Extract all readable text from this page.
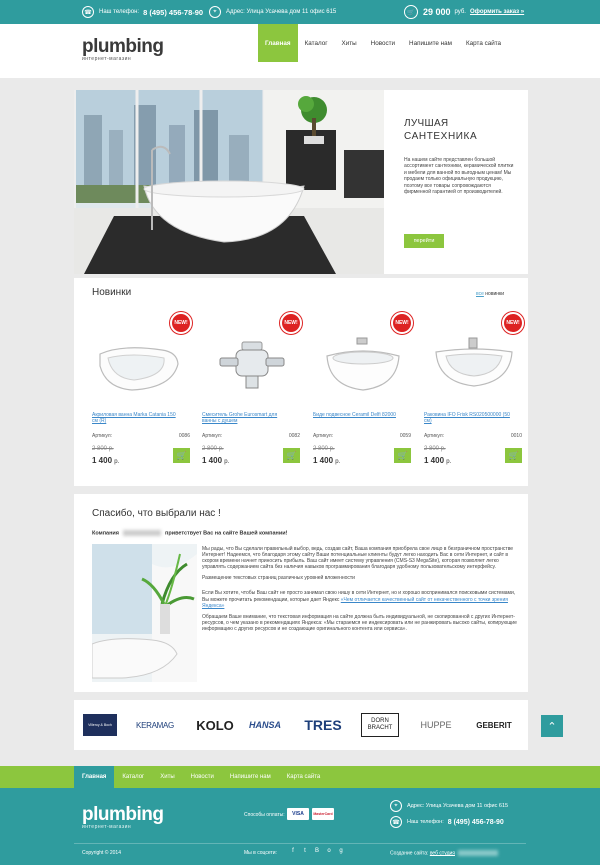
☎	Наш телефон: 8 (495) 456-78-90	⌖	Адрес: Улица Усачева дом 11 офис 615	🛒 29 000 руб. Оформить заказ »
plumbing
интернет-магазин
Главная	Каталог	Хиты	Новости	Напишите нам	Карта сайта
ЛУЧШАЯ
САНТЕХНИКА
На нашем сайте представлен большой ассортимент сантехники, керамической плитки и мебели для ванной по выгодным ценам! Мы продаем только официальную продукцию, поэтому все товары сопровождаются фирменной гарантией от производителей.
перейти
Новинки	все новинки
NEW!
Акриловая ванна Marka Catania 150 см (R)
Артикул:	0086
2 800 р.
1 400 р.
🛒
NEW!
Смеситель Grohe Eurosmart для ванны с душем
Артикул:	0082
2 800 р.
1 400 р.
🛒
NEW!
Биде подвесное Ceramil Delfi 82000
Артикул:	0059
2 800 р.
1 400 р.
🛒
NEW!
Раковина IFO Frisk RS020500000 (50 см)
Артикул:	0010
2 800 р.
1 400 р.
🛒
Спасибо, что выбрали нас !
Компания	приветствует Вас на сайте Вашей компании!

Мы рады, что Вы сделали правильный выбор, ведь, создав сайт, Ваша компания приобрела свое лицо в безграничном пространстве Интернет! Надеемся, что благодаря этому сайту Ваши потенциальные клиенты будут легко находить Вас в сети Интернет, и сайт в скором времени начнет приносить прибыль. Ваш сайт имеет систему управления (CMS-S3 MegaSite), которая позволяет легко управлять содержанием сайта без наличия навыков программирования благодаря удобному пользовательскому интерфейсу.

Размещение текстовых страниц различных уровней вложенности

Если Вы хотите, чтобы Ваш сайт не просто занимал свою нишу в сети Интернет, но и хорошо воспринимался поисковыми системами, Вы можете прочитать рекомендации, которые дает Яндекс «Чем отличается качественный сайт от некачественного с точки зрения Яндекса»

Обращаем Ваше внимание, что текстовая информация на сайте должна быть индивидуальной, не скопированной с других Интернет-ресурсов, о чем указано в рекомендациях Яндекса: «Мы стараемся не индексировать или не ранжировать высоко сайты, копирующие информацию с других ресурсов и не создающие оригинального контента или сервиса».

Villeroy & Boch	KERAMAG	KOLO	HANSA	TRES	DORN BRACHT	HUPPE	GEBERIT	⌃
Главная	Каталог	Хиты	Новости	Напишите нам	Карта сайта
plumbing
интернет-магазин
Способы оплаты:	VISA	MasterCard
⌖	Адрес: Улица Усачева дом 11 офис 615
☎	Наш телефон: 8 (495) 456-78-90
Copyright © 2014	Мы в соцсети:	f	t	B	o	g	Создание сайта: веб студия
